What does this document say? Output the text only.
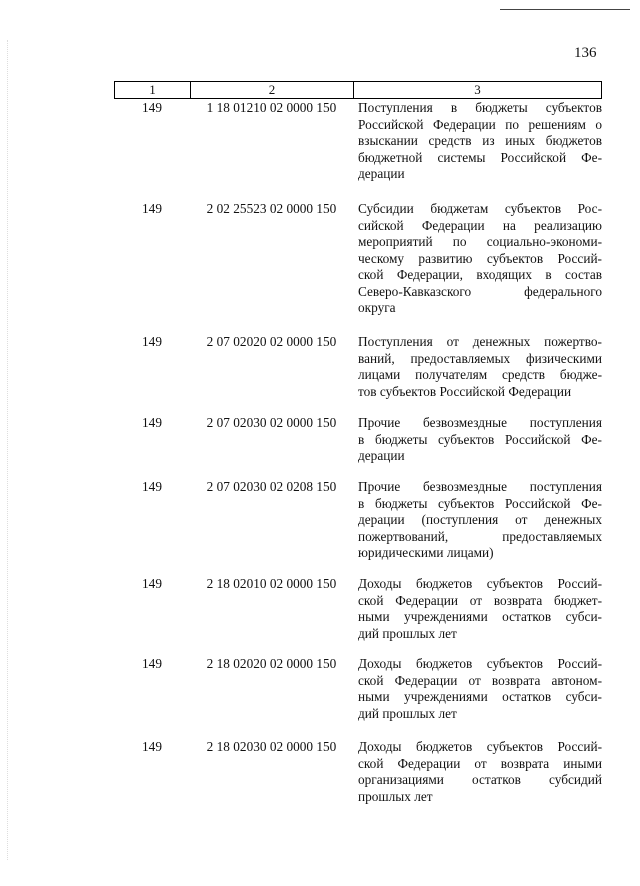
136
1	2	3
149	1 18 01210 02 0000 150	Поступления в бюджеты субъектов
Российской Федерации по решениям о
взыскании средств из иных бюджетов
бюджетной системы Российской Фе-
дерации
149	2 02 25523 02 0000 150	Субсидии бюджетам субъектов Рос-
сийской Федерации на реализацию
мероприятий по социально-экономи-
ческому развитию субъектов Россий-
ской Федерации, входящих в состав
Северо-Кавказского федерального
округа
149	2 07 02020 02 0000 150	Поступления от денежных пожертво-
ваний, предоставляемых физическими
лицами получателям средств бюдже-
тов субъектов Российской Федерации
149	2 07 02030 02 0000 150	Прочие безвозмездные поступления
в бюджеты субъектов Российской Фе-
дерации
149	2 07 02030 02 0208 150	Прочие безвозмездные поступления
в бюджеты субъектов Российской Фе-
дерации (поступления от денежных
пожертвований, предоставляемых
юридическими лицами)
149	2 18 02010 02 0000 150	Доходы бюджетов субъектов Россий-
ской Федерации от возврата бюджет-
ными учреждениями остатков субси-
дий прошлых лет
149	2 18 02020 02 0000 150	Доходы бюджетов субъектов Россий-
ской Федерации от возврата автоном-
ными учреждениями остатков субси-
дий прошлых лет
149	2 18 02030 02 0000 150	Доходы бюджетов субъектов Россий-
ской Федерации от возврата иными
организациями остатков субсидий
прошлых лет
